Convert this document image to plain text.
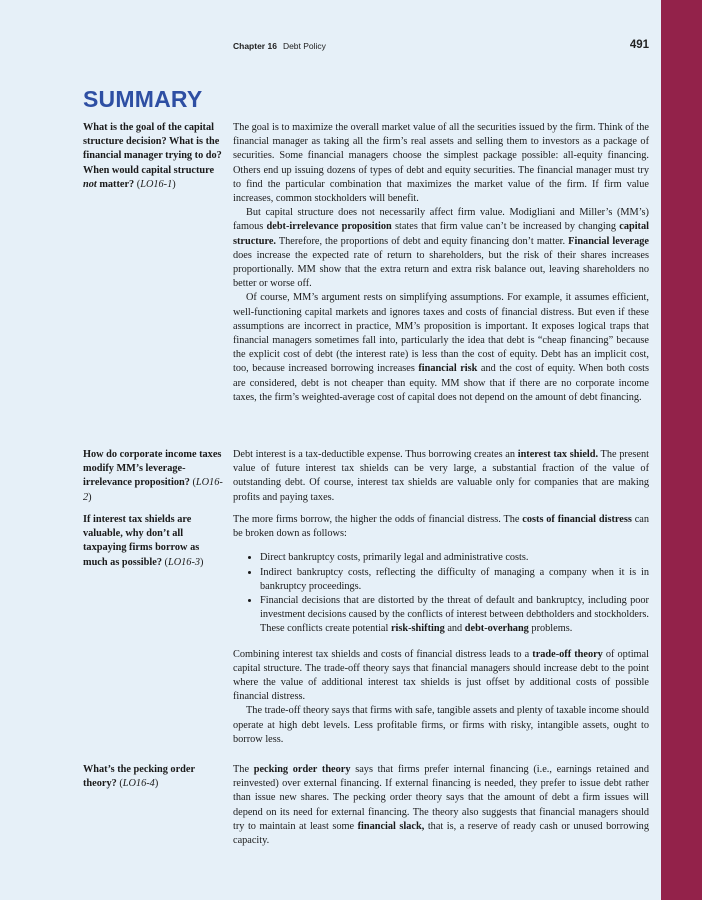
Chapter 16 Debt Policy	491
SUMMARY
What is the goal of the capital structure decision? What is the financial manager trying to do? When would capital structure not matter? (LO16-1)

The goal is to maximize the overall market value of all the securities issued by the firm. Think of the financial manager as taking all the firm’s real assets and selling them to investors as a package of securities. Some financial managers choose the simplest package possible: all-equity financing. Others end up issuing dozens of types of debt and equity securities. The financial manager must try to find the particular combination that maximizes the market value of the firm. If firm value increases, common stockholders will benefit.

But capital structure does not necessarily affect firm value. Modigliani and Miller’s (MM’s) famous debt-irrelevance proposition states that firm value can’t be increased by changing capital structure. Therefore, the proportions of debt and equity financing don’t matter. Financial leverage does increase the expected rate of return to shareholders, but the risk of their shares increases proportionally. MM show that the extra return and extra risk balance out, leaving shareholders no better or worse off.

Of course, MM’s argument rests on simplifying assumptions. For example, it assumes efficient, well-functioning capital markets and ignores taxes and costs of financial distress. But even if these assumptions are incorrect in practice, MM’s proposition is important. It exposes logical traps that financial managers sometimes fall into, particularly the idea that debt is “cheap financing” because the explicit cost of debt (the interest rate) is less than the cost of equity. Debt has an implicit cost, too, because increased borrowing increases financial risk and the cost of equity. When both costs are considered, debt is not cheaper than equity. MM show that if there are no corporate income taxes, the firm’s weighted-average cost of capital does not depend on the amount of debt financing.

How do corporate income taxes modify MM’s leverage-irrelevance proposition? (LO16-2)

Debt interest is a tax-deductible expense. Thus borrowing creates an interest tax shield. The present value of future interest tax shields can be very large, a substantial fraction of the value of outstanding debt. Of course, interest tax shields are valuable only for companies that are making profits and paying taxes.

If interest tax shields are valuable, why don’t all taxpaying firms borrow as much as possible? (LO16-3)

The more firms borrow, the higher the odds of financial distress. The costs of financial distress can be broken down as follows:

• Direct bankruptcy costs, primarily legal and administrative costs.
• Indirect bankruptcy costs, reflecting the difficulty of managing a company when it is in bankruptcy proceedings.
• Financial decisions that are distorted by the threat of default and bankruptcy, including poor investment decisions caused by the conflicts of interest between debtholders and stockholders. These conflicts create potential risk-shifting and debt-overhang problems.

Combining interest tax shields and costs of financial distress leads to a trade-off theory of optimal capital structure. The trade-off theory says that financial managers should increase debt to the point where the value of additional interest tax shields is just offset by additional costs of possible financial distress.

The trade-off theory says that firms with safe, tangible assets and plenty of taxable income should operate at high debt levels. Less profitable firms, or firms with risky, intangible assets, ought to borrow less.

What’s the pecking order theory? (LO16-4)

The pecking order theory says that firms prefer internal financing (i.e., earnings retained and reinvested) over external financing. If external financing is needed, they prefer to issue debt rather than issue new shares. The pecking order theory says that the amount of debt a firm issues will depend on its need for external financing. The theory also suggests that financial managers should try to maintain at least some financial slack, that is, a reserve of ready cash or unused borrowing capacity.
